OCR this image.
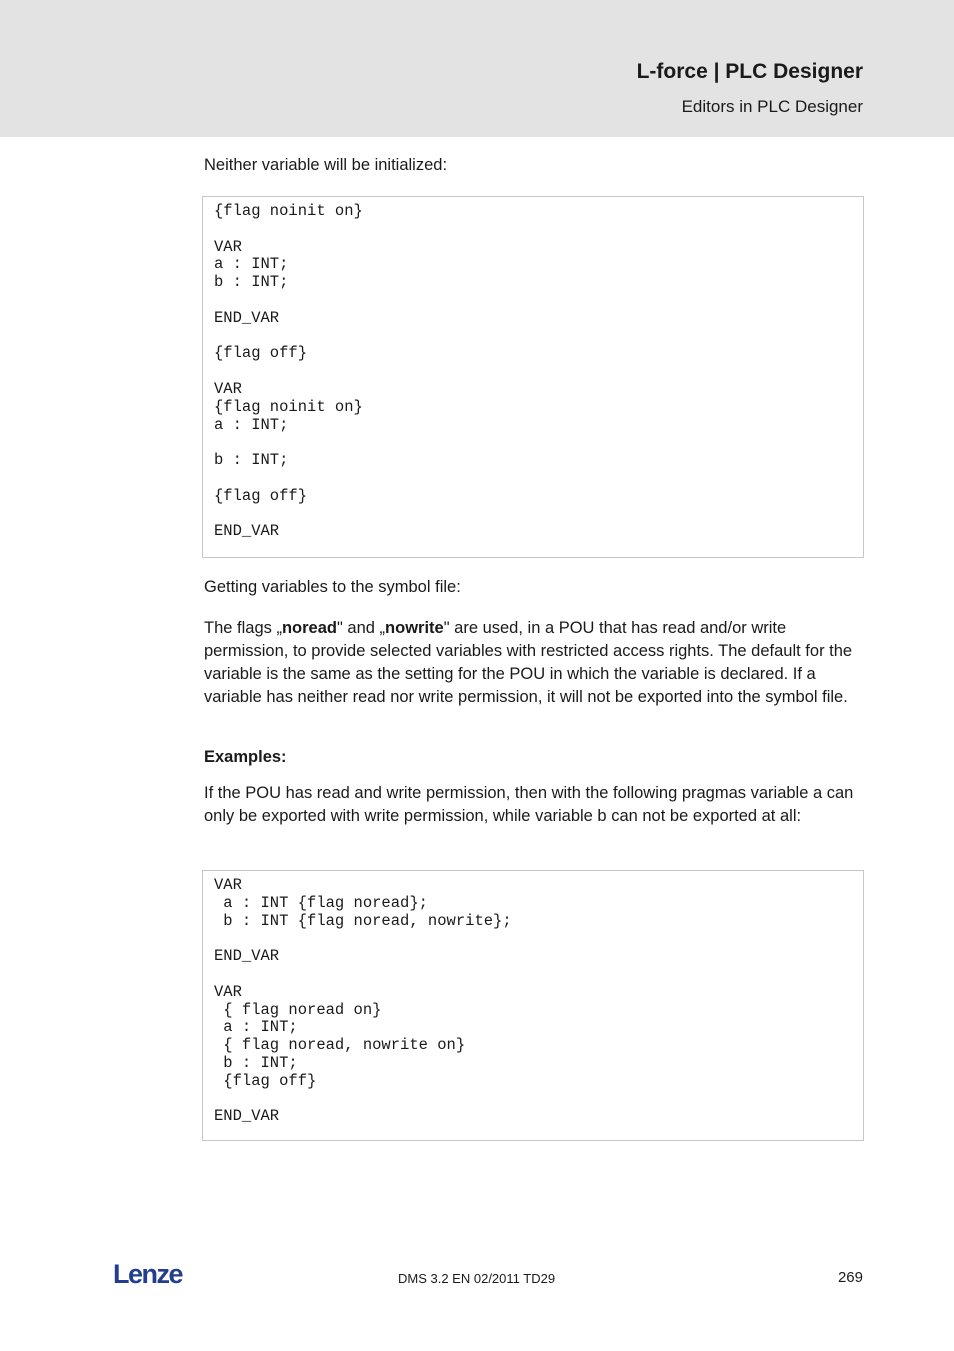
L-force | PLC Designer
Editors in PLC Designer
Neither variable will be initialized:
{flag noinit on}

VAR
a : INT;
b : INT;

END_VAR

{flag off}

VAR
{flag noinit on}
a : INT;

b : INT;

{flag off}

END_VAR
Getting variables to the symbol file:
The flags „noread" and „nowrite" are used, in a POU that has read and/or write permission, to provide selected variables with restricted access rights. The default for the variable is the same as the setting for the POU in which the variable is declared. If a variable has neither read nor write permission, it will not be exported into the symbol file.
Examples:
If the POU has read and write permission, then with the following pragmas variable a can only be exported with write permission, while variable b can not be exported at all:
VAR
a : INT {flag noread};
b : INT {flag noread, nowrite};

END_VAR

VAR
{ flag noread on}
a : INT;
{ flag noread, nowrite on}
b : INT;
{flag off}

END_VAR
Lenze	DMS 3.2 EN 02/2011 TD29	269
